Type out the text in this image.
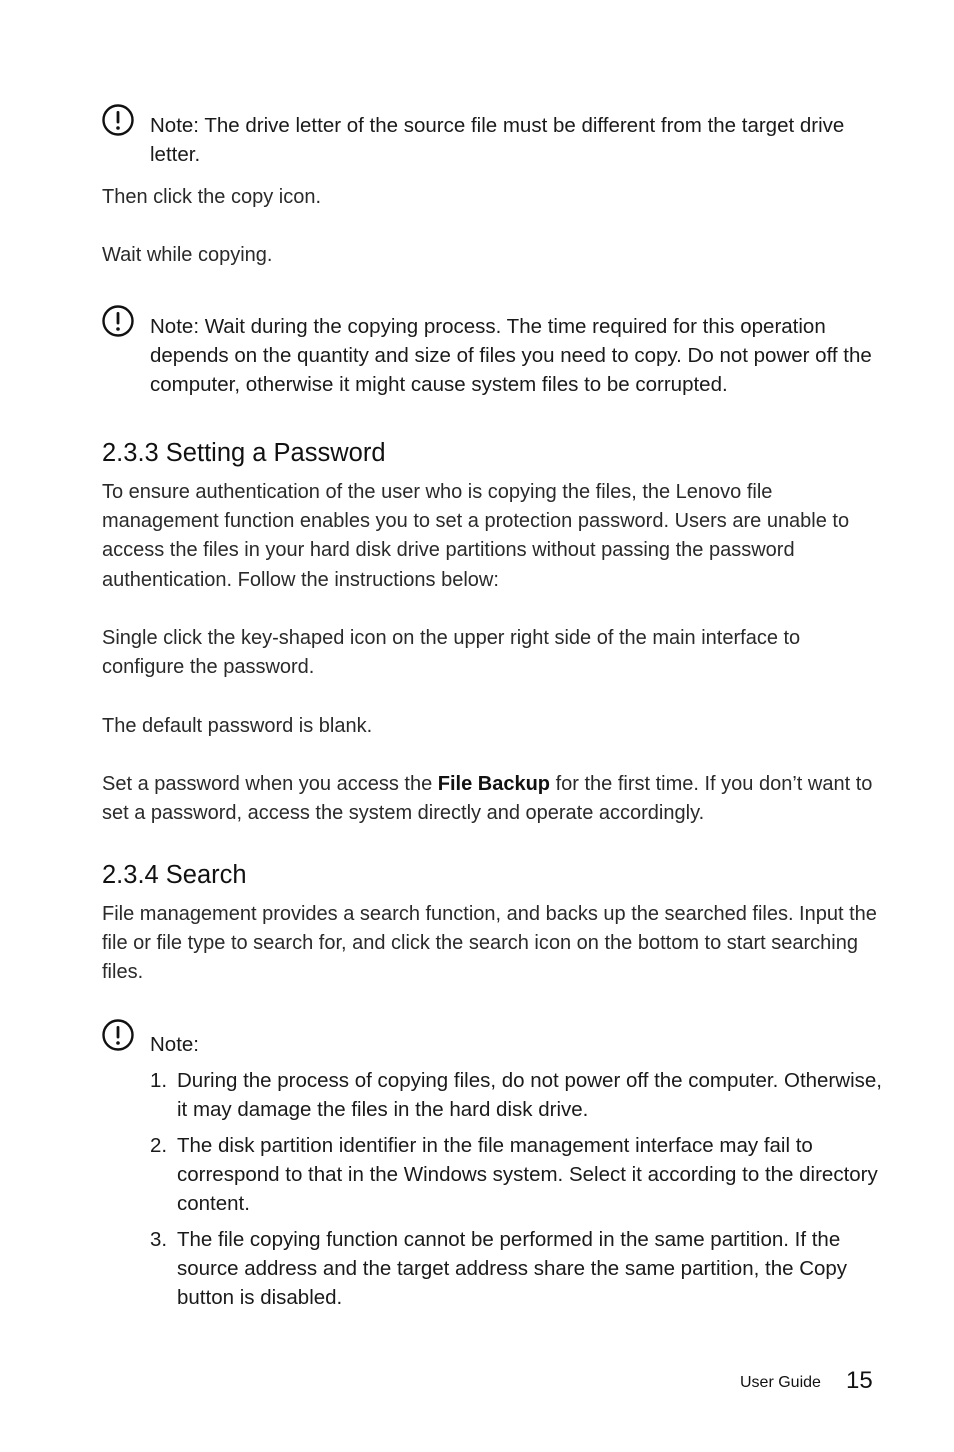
Note: The drive letter of the source file must be different from the target drive letter.
Then click the copy icon.
Wait while copying.
Note: Wait during the copying process. The time required for this operation depends on the quantity and size of files you need to copy. Do not power off the computer, otherwise it might cause system files to be corrupted.
2.3.3 Setting a Password
To ensure authentication of the user who is copying the files, the Lenovo file management function enables you to set a protection password. Users are unable to access the files in your hard disk drive partitions without passing the password authentication. Follow the instructions below:
Single click the key-shaped icon on the upper right side of the main interface to configure the password.
The default password is blank.
Set a password when you access the File Backup for the first time. If you don’t want to set a password, access the system directly and operate accordingly.
2.3.4 Search
File management provides a search function, and backs up the searched files. Input the file or file type to search for, and click the search icon on the bottom to start searching files.
Note:
1. During the process of copying files, do not power off the computer. Otherwise, it may damage the files in the hard disk drive.
2. The disk partition identifier in the file management interface may fail to correspond to that in the Windows system. Select it according to the directory content.
3. The file copying function cannot be performed in the same partition. If the source address and the target address share the same partition, the Copy button is disabled.
User Guide 15
